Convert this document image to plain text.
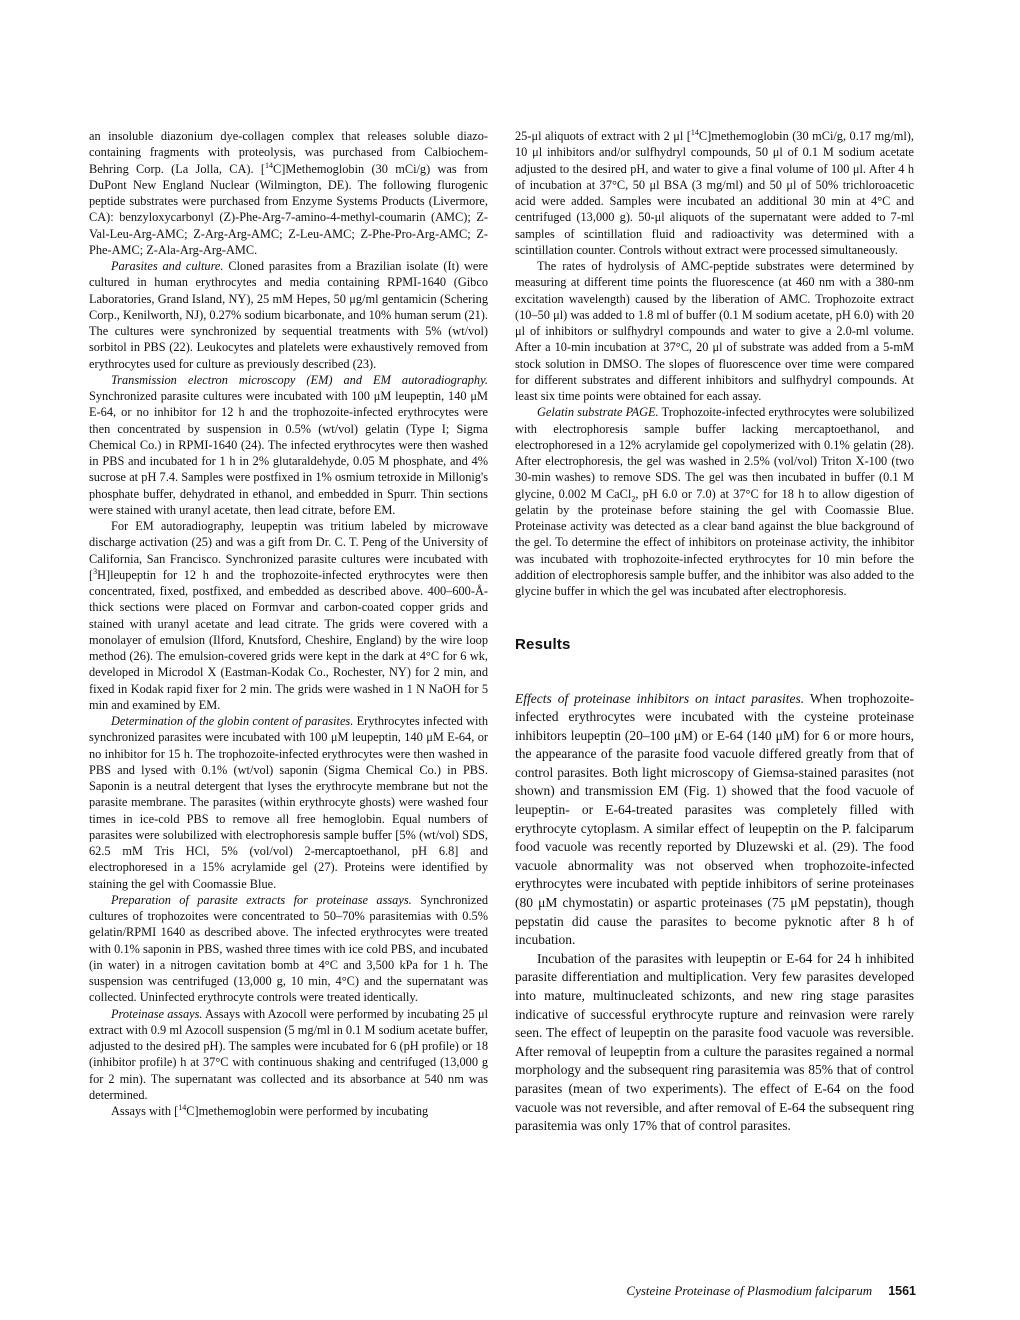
an insoluble diazonium dye-collagen complex that releases soluble diazo-containing fragments with proteolysis, was purchased from Calbiochem-Behring Corp. (La Jolla, CA). [$^{14}$C]Methemoglobin (30 mCi/g) was from DuPont New England Nuclear (Wilmington, DE). The following flurogenic peptide substrates were purchased from Enzyme Systems Products (Livermore, CA): benzyloxycarbonyl (Z)-Phe-Arg-7-amino-4-methyl-coumarin (AMC); Z-Val-Leu-Arg-AMC; Z-Arg-Arg-AMC; Z-Leu-AMC; Z-Phe-Pro-Arg-AMC; Z-Phe-AMC; Z-Ala-Arg-Arg-AMC.

Parasites and culture. Cloned parasites from a Brazilian isolate (It) were cultured in human erythrocytes and media containing RPMI-1640 (Gibco Laboratories, Grand Island, NY), 25 mM Hepes, 50 μg/ml gentamicin (Schering Corp., Kenilworth, NJ), 0.27% sodium bicarbonate, and 10% human serum (21). The cultures were synchronized by sequential treatments with 5% (wt/vol) sorbitol in PBS (22). Leukocytes and platelets were exhaustively removed from erythrocytes used for culture as previously described (23).

Transmission electron microscopy (EM) and EM autoradiography. Synchronized parasite cultures were incubated with 100 μM leupeptin, 140 μM E-64, or no inhibitor for 12 h and the trophozoite-infected erythrocytes were then concentrated by suspension in 0.5% (wt/vol) gelatin (Type I; Sigma Chemical Co.) in RPMI-1640 (24). The infected erythrocytes were then washed in PBS and incubated for 1 h in 2% glutaraldehyde, 0.05 M phosphate, and 4% sucrose at pH 7.4. Samples were postfixed in 1% osmium tetroxide in Millonig's phosphate buffer, dehydrated in ethanol, and embedded in Spurr. Thin sections were stained with uranyl acetate, then lead citrate, before EM.

For EM autoradiography, leupeptin was tritium labeled by microwave discharge activation (25) and was a gift from Dr. C. T. Peng of the University of California, San Francisco. Synchronized parasite cultures were incubated with [$^3$H]leupeptin for 12 h and the trophozoite-infected erythrocytes were then concentrated, fixed, postfixed, and embedded as described above. 400–600-Å-thick sections were placed on Formvar and carbon-coated copper grids and stained with uranyl acetate and lead citrate. The grids were covered with a monolayer of emulsion (Ilford, Knutsford, Cheshire, England) by the wire loop method (26). The emulsion-covered grids were kept in the dark at 4°C for 6 wk, developed in Microdol X (Eastman-Kodak Co., Rochester, NY) for 2 min, and fixed in Kodak rapid fixer for 2 min. The grids were washed in 1 N NaOH for 5 min and examined by EM.

Determination of the globin content of parasites. Erythrocytes infected with synchronized parasites were incubated with 100 μM leupeptin, 140 μM E-64, or no inhibitor for 15 h. The trophozoite-infected erythrocytes were then washed in PBS and lysed with 0.1% (wt/vol) saponin (Sigma Chemical Co.) in PBS. Saponin is a neutral detergent that lyses the erythrocyte membrane but not the parasite membrane. The parasites (within erythrocyte ghosts) were washed four times in ice-cold PBS to remove all free hemoglobin. Equal numbers of parasites were solubilized with electrophoresis sample buffer [5% (wt/vol) SDS, 62.5 mM Tris HCl, 5% (vol/vol) 2-mercaptoethanol, pH 6.8] and electrophoresed in a 15% acrylamide gel (27). Proteins were identified by staining the gel with Coomassie Blue.

Preparation of parasite extracts for proteinase assays. Synchronized cultures of trophozoites were concentrated to 50–70% parasitemias with 0.5% gelatin/RPMI 1640 as described above. The infected erythrocytes were treated with 0.1% saponin in PBS, washed three times with ice cold PBS, and incubated (in water) in a nitrogen cavitation bomb at 4°C and 3,500 kPa for 1 h. The suspension was centrifuged (13,000 g, 10 min, 4°C) and the supernatant was collected. Uninfected erythrocyte controls were treated identically.

Proteinase assays. Assays with Azocoll were performed by incubating 25 μl extract with 0.9 ml Azocoll suspension (5 mg/ml in 0.1 M sodium acetate buffer, adjusted to the desired pH). The samples were incubated for 6 (pH profile) or 18 (inhibitor profile) h at 37°C with continuous shaking and centrifuged (13,000 g for 2 min). The supernatant was collected and its absorbance at 540 nm was determined.

Assays with [$^{14}$C]methemoglobin were performed by incubating

25-μl aliquots of extract with 2 μl [$^{14}$C]methemoglobin (30 mCi/g, 0.17 mg/ml), 10 μl inhibitors and/or sulfhydryl compounds, 50 μl of 0.1 M sodium acetate adjusted to the desired pH, and water to give a final volume of 100 μl. After 4 h of incubation at 37°C, 50 μl BSA (3 mg/ml) and 50 μl of 50% trichloroacetic acid were added. Samples were incubated an additional 30 min at 4°C and centrifuged (13,000 g). 50-μl aliquots of the supernatant were added to 7-ml samples of scintillation fluid and radioactivity was determined with a scintillation counter. Controls without extract were processed simultaneously.

The rates of hydrolysis of AMC-peptide substrates were determined by measuring at different time points the fluorescence (at 460 nm with a 380-nm excitation wavelength) caused by the liberation of AMC. Trophozoite extract (10–50 μl) was added to 1.8 ml of buffer (0.1 M sodium acetate, pH 6.0) with 20 μl of inhibitors or sulfhydryl compounds and water to give a 2.0-ml volume. After a 10-min incubation at 37°C, 20 μl of substrate was added from a 5-mM stock solution in DMSO. The slopes of fluorescence over time were compared for different substrates and different inhibitors and sulfhydryl compounds. At least six time points were obtained for each assay.

Gelatin substrate PAGE. Trophozoite-infected erythrocytes were solubilized with electrophoresis sample buffer lacking mercaptoethanol, and electrophoresed in a 12% acrylamide gel copolymerized with 0.1% gelatin (28). After electrophoresis, the gel was washed in 2.5% (vol/vol) Triton X-100 (two 30-min washes) to remove SDS. The gel was then incubated in buffer (0.1 M glycine, 0.002 M CaCl$_2$, pH 6.0 or 7.0) at 37°C for 18 h to allow digestion of gelatin by the proteinase before staining the gel with Coomassie Blue. Proteinase activity was detected as a clear band against the blue background of the gel. To determine the effect of inhibitors on proteinase activity, the inhibitor was incubated with trophozoite-infected erythrocytes for 10 min before the addition of electrophoresis sample buffer, and the inhibitor was also added to the glycine buffer in which the gel was incubated after electrophoresis.

Results

Effects of proteinase inhibitors on intact parasites. When trophozoite-infected erythrocytes were incubated with the cysteine proteinase inhibitors leupeptin (20–100 μM) or E-64 (140 μM) for 6 or more hours, the appearance of the parasite food vacuole differed greatly from that of control parasites. Both light microscopy of Giemsa-stained parasites (not shown) and transmission EM (Fig. 1) showed that the food vacuole of leupeptin- or E-64-treated parasites was completely filled with erythrocyte cytoplasm. A similar effect of leupeptin on the P. falciparum food vacuole was recently reported by Dluzewski et al. (29). The food vacuole abnormality was not observed when trophozoite-infected erythrocytes were incubated with peptide inhibitors of serine proteinases (80 μM chymostatin) or aspartic proteinases (75 μM pepstatin), though pepstatin did cause the parasites to become pyknotic after 8 h of incubation.

Incubation of the parasites with leupeptin or E-64 for 24 h inhibited parasite differentiation and multiplication. Very few parasites developed into mature, multinucleated schizonts, and new ring stage parasites indicative of successful erythrocyte rupture and reinvasion were rarely seen. The effect of leupeptin on the parasite food vacuole was reversible. After removal of leupeptin from a culture the parasites regained a normal morphology and the subsequent ring parasitemia was 85% that of control parasites (mean of two experiments). The effect of E-64 on the food vacuole was not reversible, and after removal of E-64 the subsequent ring parasitemia was only 17% that of control parasites.

Cysteine Proteinase of Plasmodium falciparum 1561
